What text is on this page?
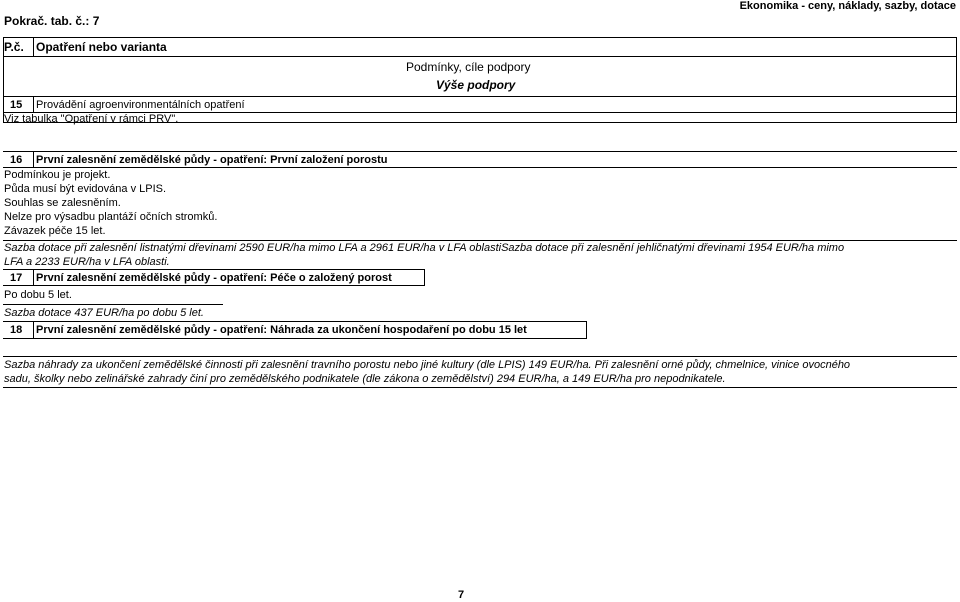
Pokrač. tab. č.: 7
Ekonomika - ceny, náklady, sazby, dotace
P.č. Opatření nebo varianta
Podmínky, cíle podpory
Výše podpory
15 Provádění agroenvironmentálních opatření
Viz tabulka "Opatření v rámci PRV".
16 První zalesnění zemědělské půdy - opatření: První založení porostu
Podmínkou je projekt.
Půda musí být evidována v LPIS.
Souhlas se zalesněním.
Nelze pro výsadbu plantáží očních stromků.
Závazek péče 15 let.
Sazba dotace při zalesnění listnatými dřevinami 2590 EUR/ha mimo LFA a 2961 EUR/ha v LFA oblastiSazba dotace při zalesnění jehličnatými dřevinami 1954 EUR/ha mimo
LFA a 2233 EUR/ha v LFA oblasti.
17 První zalesnění zemědělské půdy - opatření: Péče o založený porost
Po dobu 5 let.
Sazba dotace 437 EUR/ha po dobu 5 let.
18 První zalesnění zemědělské půdy - opatření: Náhrada za ukončení hospodaření po dobu 15 let
Sazba náhrady za ukončení zemědělské činnosti při zalesnění travního porostu nebo jiné kultury (dle LPIS) 149 EUR/ha. Při zalesnění orné půdy, chmelnice, vinice ovocného
sadu, školky nebo zelinářské zahrady činí pro zemědělského podnikatele (dle zákona o zemědělství) 294 EUR/ha, a 149 EUR/ha pro nepodnikatele.
7
